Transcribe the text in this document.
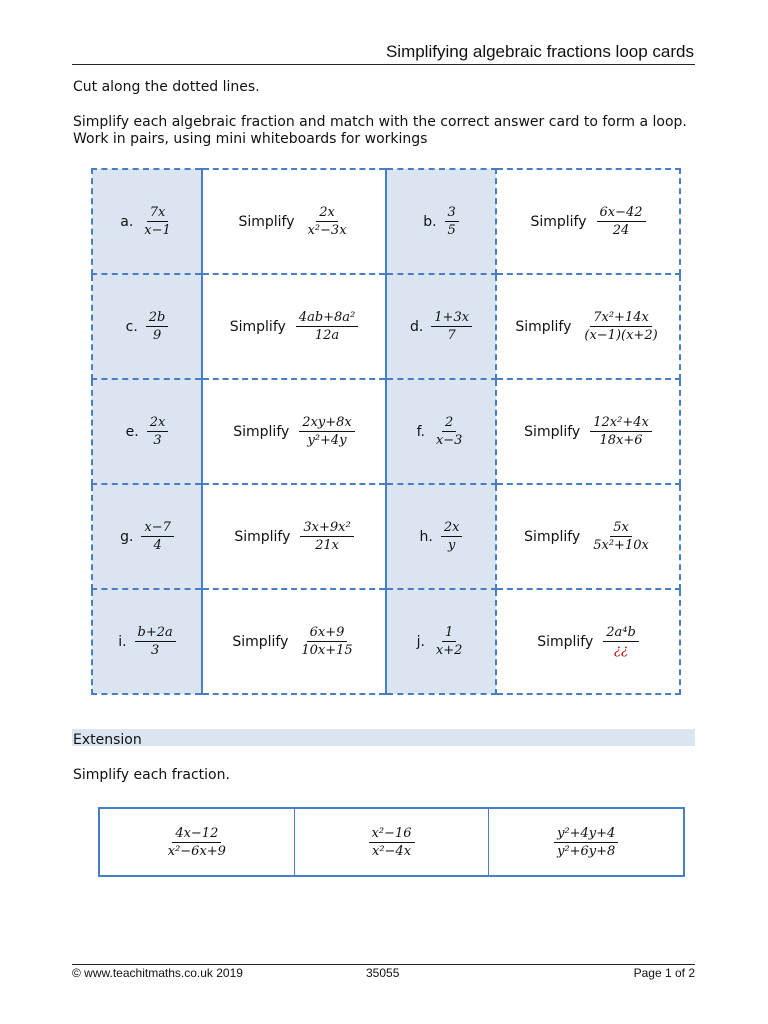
Simplifying algebraic fractions loop cards
Cut along the dotted lines.
Simplify each algebraic fraction and match with the correct answer card to form a loop.
Work in pairs, using mini whiteboards for workings
a. $\frac{7x}{x-1}$	Simplify $\frac{2x}{\text{x²−3x}}$	b. $\frac{3}{5}$	Simplify $\frac{6x-42}{24}$

c. $\frac{2b}{9}$	Simplify $\frac{\text{4ab+8a²}}{12a}$	d. $\frac{1+3x}{7}$	Simplify $\frac{\text{7x²+14x}}{(x-1)(x+2)}$

e. $\frac{2x}{3}$	Simplify $\frac{2xy+8x}{\text{y²+4y}}$	f. $\frac{2}{x-3}$	Simplify $\frac{\text{12x²+4x}}{18x+6}$

g. $\frac{x-7}{4}$	Simplify $\frac{\text{3x+9x²}}{21x}$	h. $\frac{2x}{y}$	Simplify $\frac{5x}{\text{5x²+10x}}$

i. $\frac{b+2a}{3}$	Simplify $\frac{6x+9}{10x+15}$	j. $\frac{1}{x+2}$	Simplify $\frac{\text{2a⁴b}}{¿¿}$
Extension
Simplify each fraction.
$\frac{4x-12}{\text{x²−6x+9}}$	$\frac{\text{x²−16}}{\text{x²−4x}}$	$\frac{\text{y²+4y+4}}{\text{y²+6y+8}}$
© www.teachitmaths.co.uk 2019	35055	Page 1 of 2
